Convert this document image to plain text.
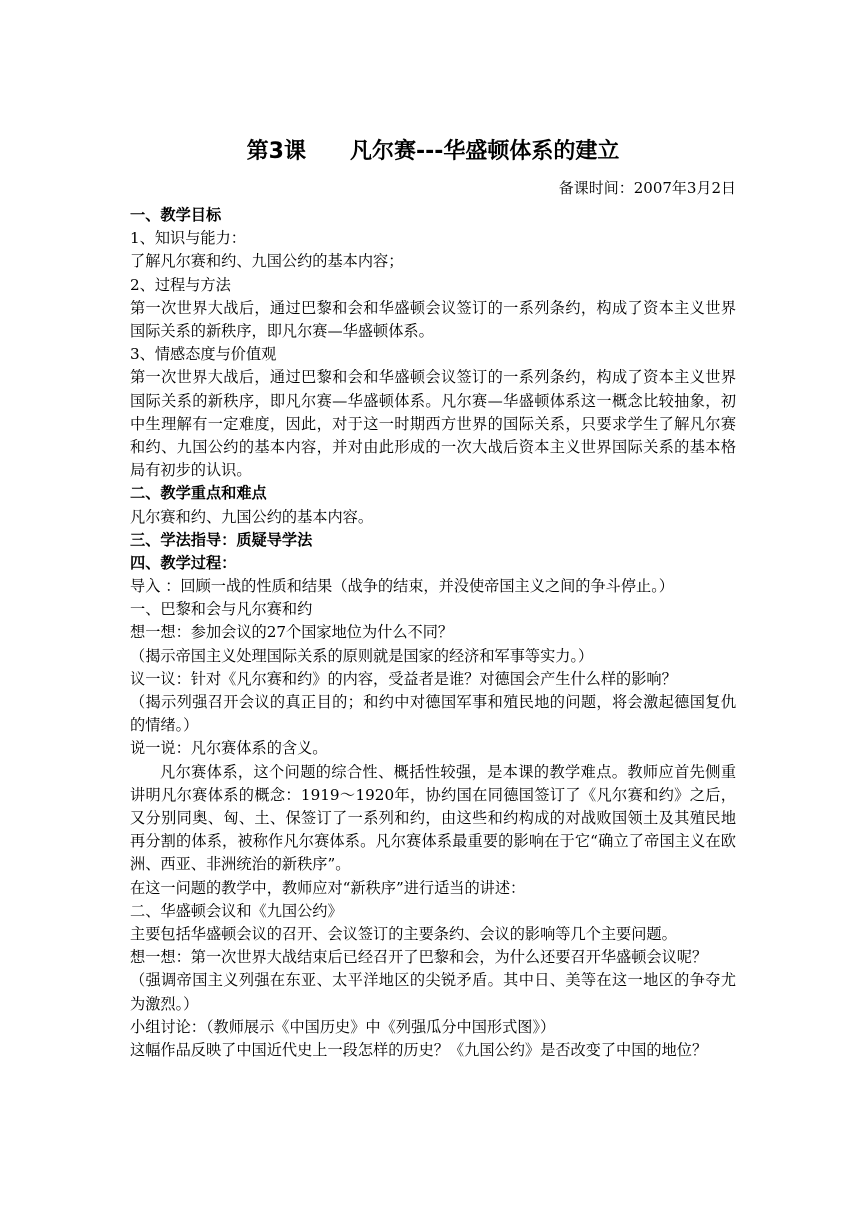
第3课　　凡尔赛---华盛顿体系的建立
备课时间：2007年3月2日
一、教学目标
1、知识与能力：
了解凡尔赛和约、九国公约的基本内容；
2、过程与方法

第一次世界大战后，通过巴黎和会和华盛顿会议签订的一系列条约，构成了资本主义世界国际关系的新秩序，即凡尔赛—华盛顿体系。

3、情感态度与价值观

第一次世界大战后，通过巴黎和会和华盛顿会议签订的一系列条约，构成了资本主义世界国际关系的新秩序，即凡尔赛—华盛顿体系。凡尔赛—华盛顿体系这一概念比较抽象，初中生理解有一定难度，因此，对于这一时期西方世界的国际关系，只要求学生了解凡尔赛和约、九国公约的基本内容，并对由此形成的一次大战后资本主义世界国际关系的基本格局有初步的认识。

二、教学重点和难点
凡尔赛和约、九国公约的基本内容。
三、学法指导：质疑导学法
四、教学过程：
导入 ：回顾一战的性质和结果（战争的结束，并没使帝国主义之间的争斗停止。）
一、巴黎和会与凡尔赛和约
想一想：参加会议的27个国家地位为什么不同？
（揭示帝国主义处理国际关系的原则就是国家的经济和军事等实力。）
议一议：针对《凡尔赛和约》的内容，受益者是谁？对德国会产生什么样的影响？

（揭示列强召开会议的真正目的；和约中对德国军事和殖民地的问题，将会激起德国复仇的情绪。）

说一说：凡尔赛体系的含义。

凡尔赛体系，这个问题的综合性、概括性较强，是本课的教学难点。教师应首先侧重讲明凡尔赛体系的概念：1919～1920年，协约国在同德国签订了《凡尔赛和约》之后，又分别同奥、匈、土、保签订了一系列和约，由这些和约构成的对战败国领土及其殖民地再分割的体系，被称作凡尔赛体系。凡尔赛体系最重要的影响在于它“确立了帝国主义在欧洲、西亚、非洲统治的新秩序”。

在这一问题的教学中，教师应对“新秩序”进行适当的讲述：
二、华盛顿会议和《九国公约》
主要包括华盛顿会议的召开、会议签订的主要条约、会议的影响等几个主要问题。

想一想：第一次世界大战结束后已经召开了巴黎和会，为什么还要召开华盛顿会议呢？

（强调帝国主义列强在东亚、太平洋地区的尖锐矛盾。其中日、美等在这一地区的争夺尤为激烈。）

小组讨论：（教师展示《中国历史》中《列强瓜分中国形式图》）

这幅作品反映了中国近代史上一段怎样的历史？《九国公约》是否改变了中国的地位？
